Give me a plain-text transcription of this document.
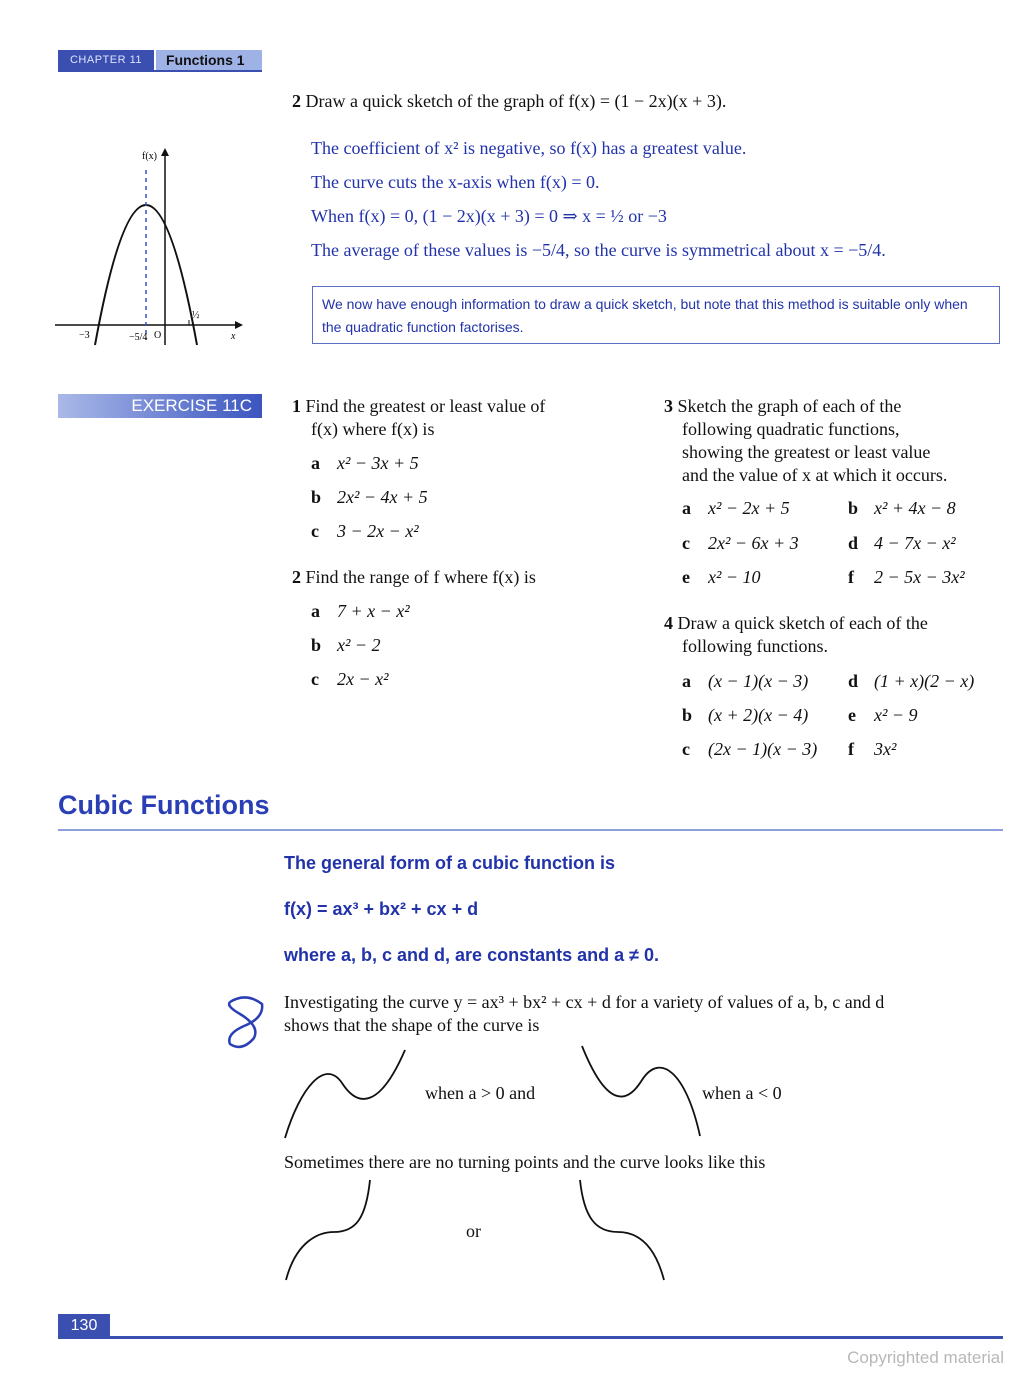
CHAPTER 11	Functions 1
2 Draw a quick sketch of the graph of f(x) = (1 − 2x)(x + 3).
The coefficient of x² is negative, so f(x) has a greatest value.
The curve cuts the x-axis when f(x) = 0.
When f(x) = 0, (1 − 2x)(x + 3) = 0 ⇒ x = ½ or −3
The average of these values is −5/4, so the curve is symmetrical about x = −5/4.
We now have enough information to draw a quick sketch, but note that this method is suitable only when the quadratic function factorises.
f(x)
x
−3	−5/4 O
½
EXERCISE 11C	1 Find the greatest or least value of
f(x) where f(x) is
a x² − 3x + 5
b 2x² − 4x + 5
c 3 − 2x − x²
2 Find the range of f where f(x) is
a 7 + x − x²
b x² − 2
c 2x − x²
3 Sketch the graph of each of the
following quadratic functions,
showing the greatest or least value
and the value of x at which it occurs.
a x² − 2x + 5	b x² + 4x − 8
c 2x² − 6x + 3	d 4 − 7x − x²
e x² − 10	f 2 − 5x − 3x²
4 Draw a quick sketch of each of the
following functions.
a (x − 1)(x − 3) d (1 + x)(2 − x)
b (x + 2)(x − 4) e x² − 9
c (2x − 1)(x − 3) f 3x²
Cubic Functions
The general form of a cubic function is
f(x) = ax³ + bx² + cx + d
where a, b, c and d, are constants and a ≠ 0.
Investigating the curve y = ax³ + bx² + cx + d for a variety of values of a, b, c and d
shows that the shape of the curve is
when a > 0 and	when a < 0
Sometimes there are no turning points and the curve looks like this
or
130
Copyrighted material
